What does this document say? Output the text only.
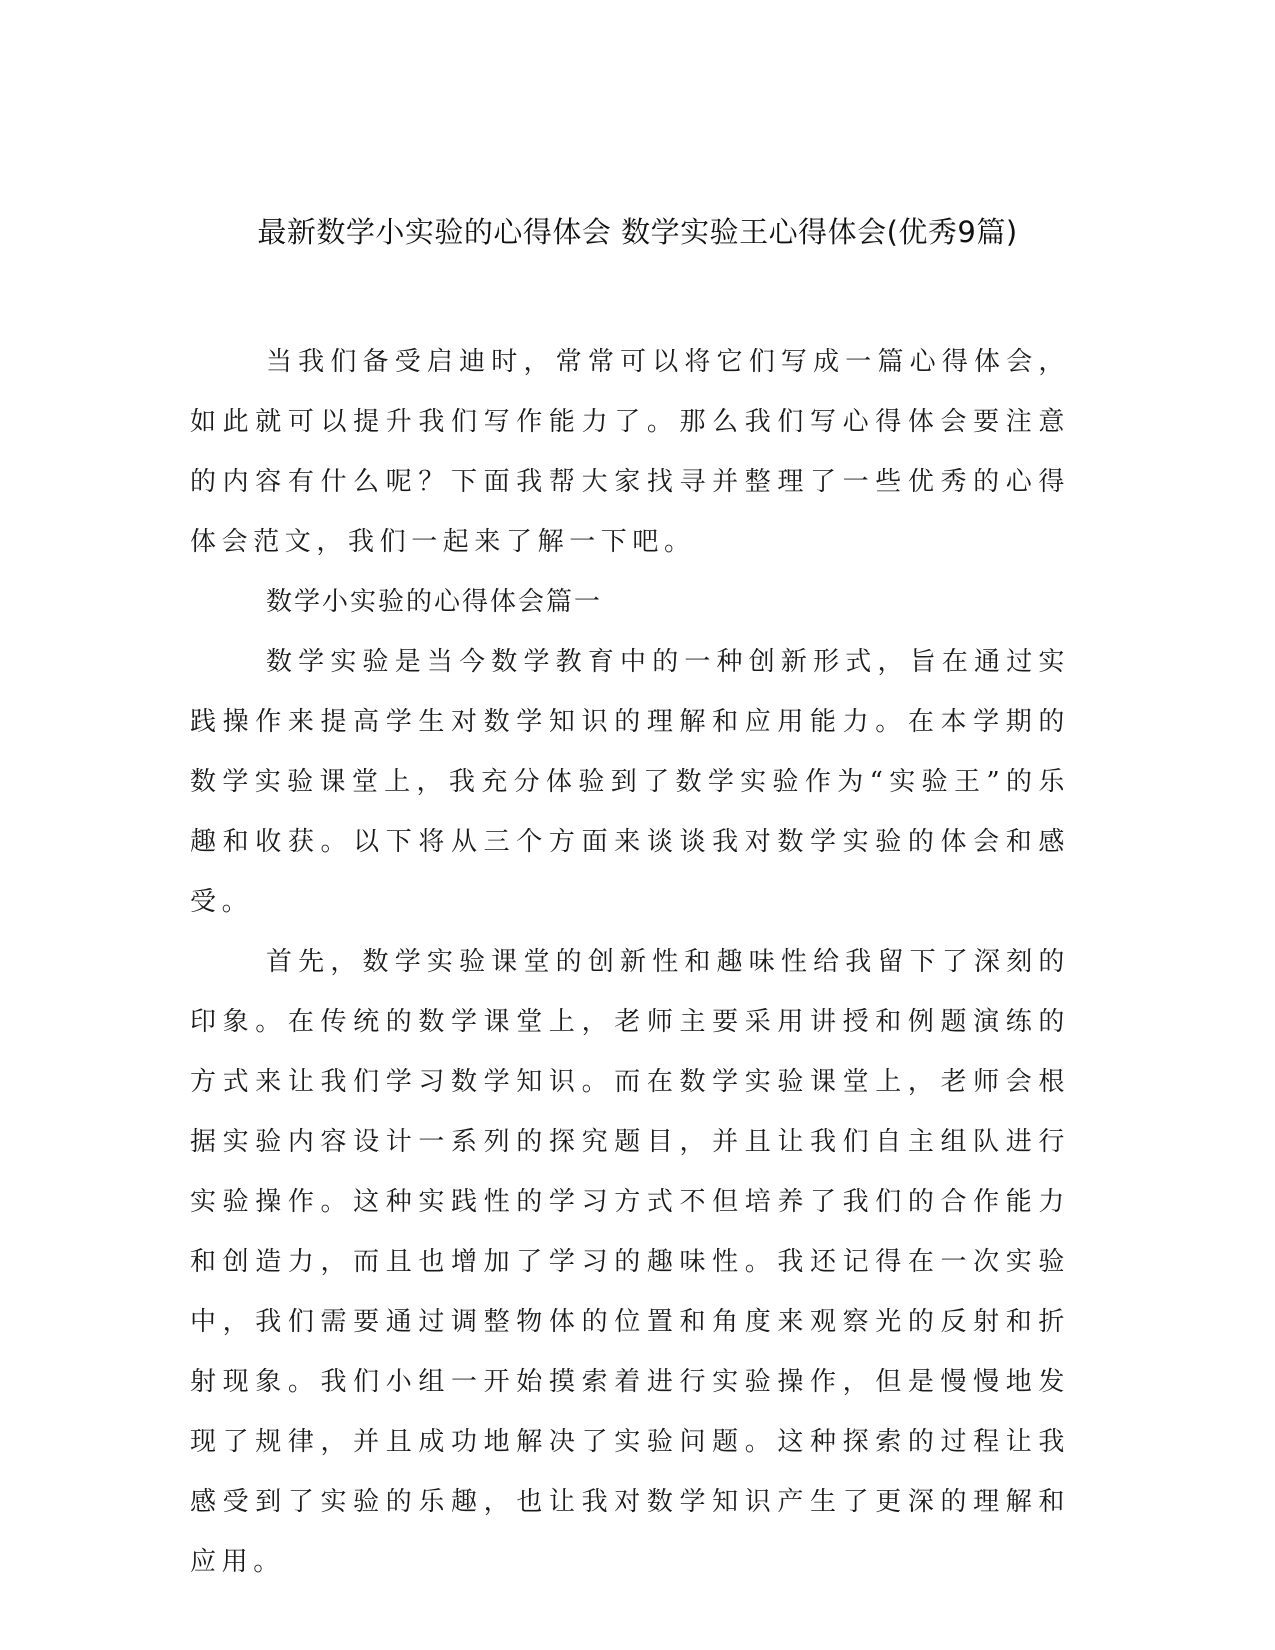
最新数学小实验的心得体会 数学实验王心得体会(优秀9篇)

当我们备受启迪时，常常可以将它们写成一篇心得体会，如此就可以提升我们写作能力了。那么我们写心得体会要注意的内容有什么呢？下面我帮大家找寻并整理了一些优秀的心得体会范文，我们一起来了解一下吧。

数学小实验的心得体会篇一

数学实验是当今数学教育中的一种创新形式，旨在通过实践操作来提高学生对数学知识的理解和应用能力。在本学期的数学实验课堂上，我充分体验到了数学实验作为“实验王”的乐趣和收获。以下将从三个方面来谈谈我对数学实验的体会和感受。

首先，数学实验课堂的创新性和趣味性给我留下了深刻的印象。在传统的数学课堂上，老师主要采用讲授和例题演练的方式来让我们学习数学知识。而在数学实验课堂上，老师会根据实验内容设计一系列的探究题目，并且让我们自主组队进行实验操作。这种实践性的学习方式不但培养了我们的合作能力和创造力，而且也增加了学习的趣味性。我还记得在一次实验中，我们需要通过调整物体的位置和角度来观察光的反射和折射现象。我们小组一开始摸索着进行实验操作，但是慢慢地发现了规律，并且成功地解决了实验问题。这种探索的过程让我感受到了实验的乐趣，也让我对数学知识产生了更深的理解和应用。
